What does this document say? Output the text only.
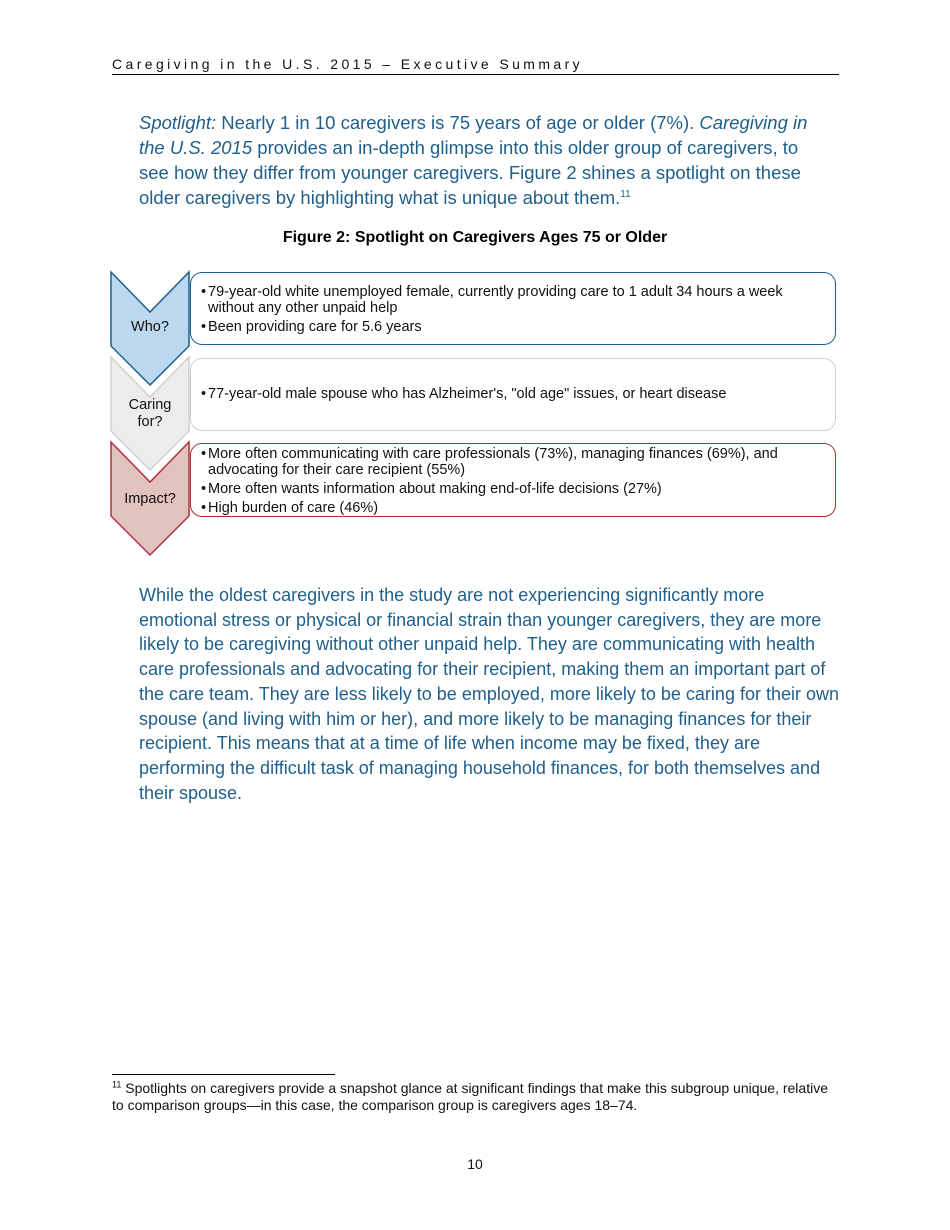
Caregiving in the U.S. 2015 – Executive Summary

Spotlight: Nearly 1 in 10 caregivers is 75 years of age or older (7%). Caregiving in the U.S. 2015 provides an in-depth glimpse into this older group of caregivers, to see how they differ from younger caregivers. Figure 2 shines a spotlight on these older caregivers by highlighting what is unique about them.$^{11}$

Figure 2: Spotlight on Caregivers Ages 75 or Older
Who?
Caring
for?
Impact?
• 79-year-old white unemployed female, currently providing care to 1 adult 34 hours a week without any other unpaid help
• Been providing care for 5.6 years
• 77-year-old male spouse who has Alzheimer's, "old age" issues, or heart disease
• More often communicating with care professionals (73%), managing finances (69%), and advocating for their care recipient (55%)
• More often wants information about making end-of-life decisions (27%)
• High burden of care (46%)

While the oldest caregivers in the study are not experiencing significantly more emotional stress or physical or financial strain than younger caregivers, they are more likely to be caregiving without other unpaid help. They are communicating with health care professionals and advocating for their recipient, making them an important part of the care team. They are less likely to be employed, more likely to be caring for their own spouse (and living with him or her), and more likely to be managing finances for their recipient. This means that at a time of life when income may be fixed, they are performing the difficult task of managing household finances, for both themselves and their spouse.

$^{11}$ Spotlights on caregivers provide a snapshot glance at significant findings that make this subgroup unique, relative to comparison groups—in this case, the comparison group is caregivers ages 18–74.
10
